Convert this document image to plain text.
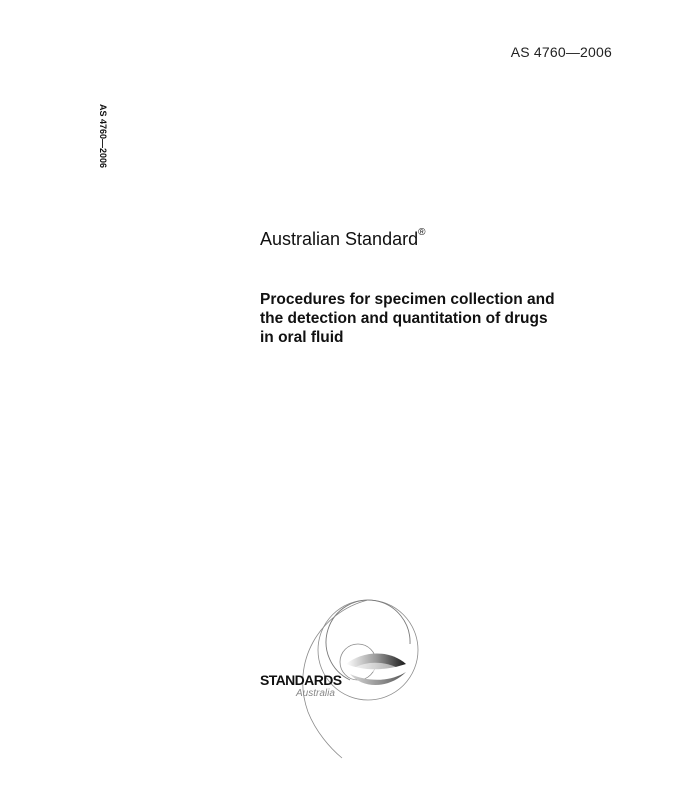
AS 4760—2006
AS 4760—2006
Australian Standard®
Procedures for specimen collection and
the detection and quantitation of drugs
in oral fluid
STANDARDS
Australia
